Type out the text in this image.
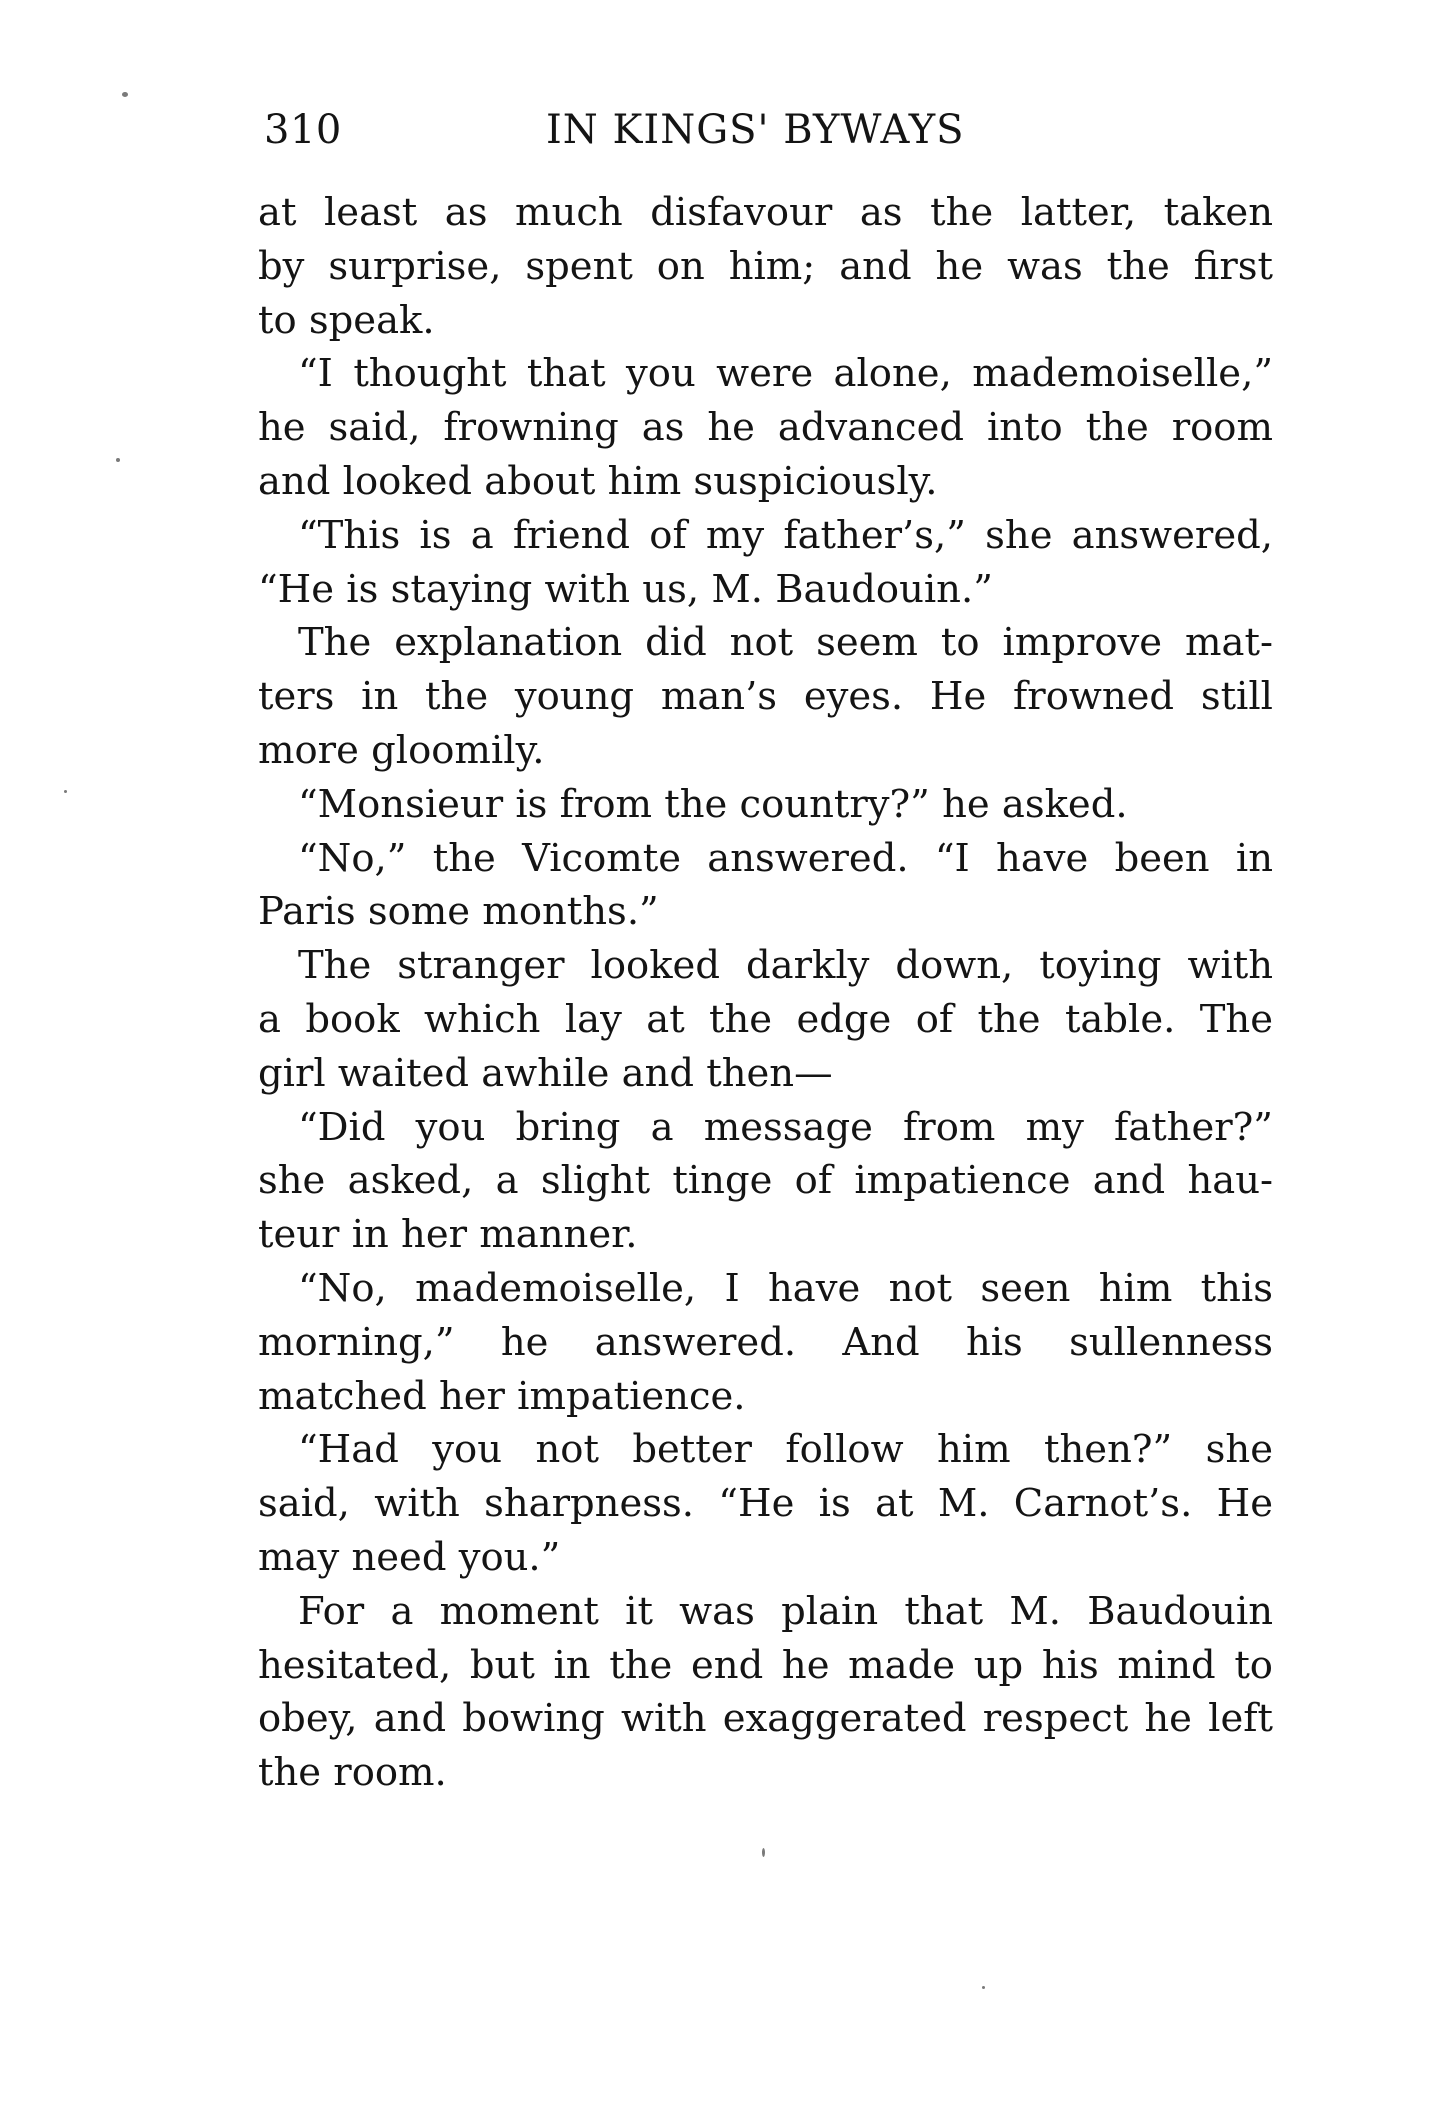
310	IN KINGS' BYWAYS
at least as much disfavour as the latter, taken
by surprise, spent on him; and he was the first
to speak.
“I thought that you were alone, mademoiselle,”
he said, frowning as he advanced into the room
and looked about him suspiciously.
“This is a friend of my father’s,” she answered,
“He is staying with us, M. Baudouin.”
The explanation did not seem to improve mat-
ters in the young man’s eyes. He frowned still
more gloomily.
“Monsieur is from the country?” he asked.
“No,” the Vicomte answered. “I have been in
Paris some months.”
The stranger looked darkly down, toying with
a book which lay at the edge of the table. The
girl waited awhile and then—
“Did you bring a message from my father?”
she asked, a slight tinge of impatience and hau-
teur in her manner.
“No, mademoiselle, I have not seen him this
morning,” he answered. And his sullenness
matched her impatience.
“Had you not better follow him then?” she
said, with sharpness. “He is at M. Carnot’s. He
may need you.”
For a moment it was plain that M. Baudouin
hesitated, but in the end he made up his mind to
obey, and bowing with exaggerated respect he left
the room.
